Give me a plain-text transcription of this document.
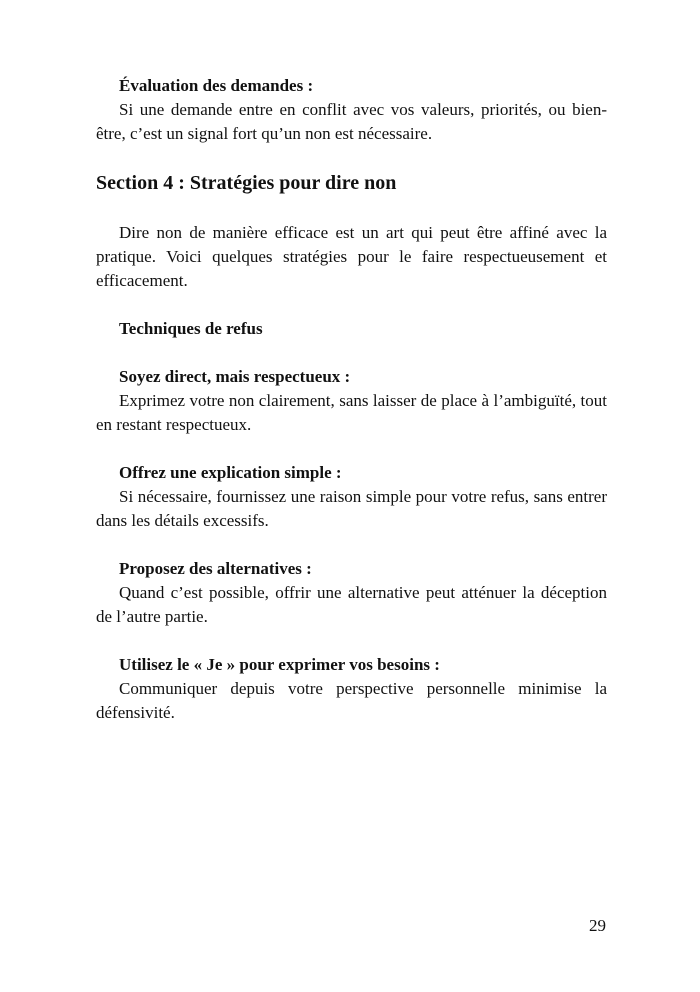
Évaluation des demandes :
Si une demande entre en conflit avec vos valeurs, priorités, ou bien-être, c’est un signal fort qu’un non est nécessaire.
Section 4 : Stratégies pour dire non
Dire non de manière efficace est un art qui peut être affiné avec la pratique. Voici quelques stratégies pour le faire respectueusement et efficacement.
Techniques de refus
Soyez direct, mais respectueux :
Exprimez votre non clairement, sans laisser de place à l’ambiguïté, tout en restant respectueux.
Offrez une explication simple :
Si nécessaire, fournissez une raison simple pour votre refus, sans entrer dans les détails excessifs.
Proposez des alternatives :
Quand c’est possible, offrir une alternative peut atténuer la déception de l’autre partie.
Utilisez le « Je » pour exprimer vos besoins :
Communiquer depuis votre perspective personnelle minimise la défensivité.
29
